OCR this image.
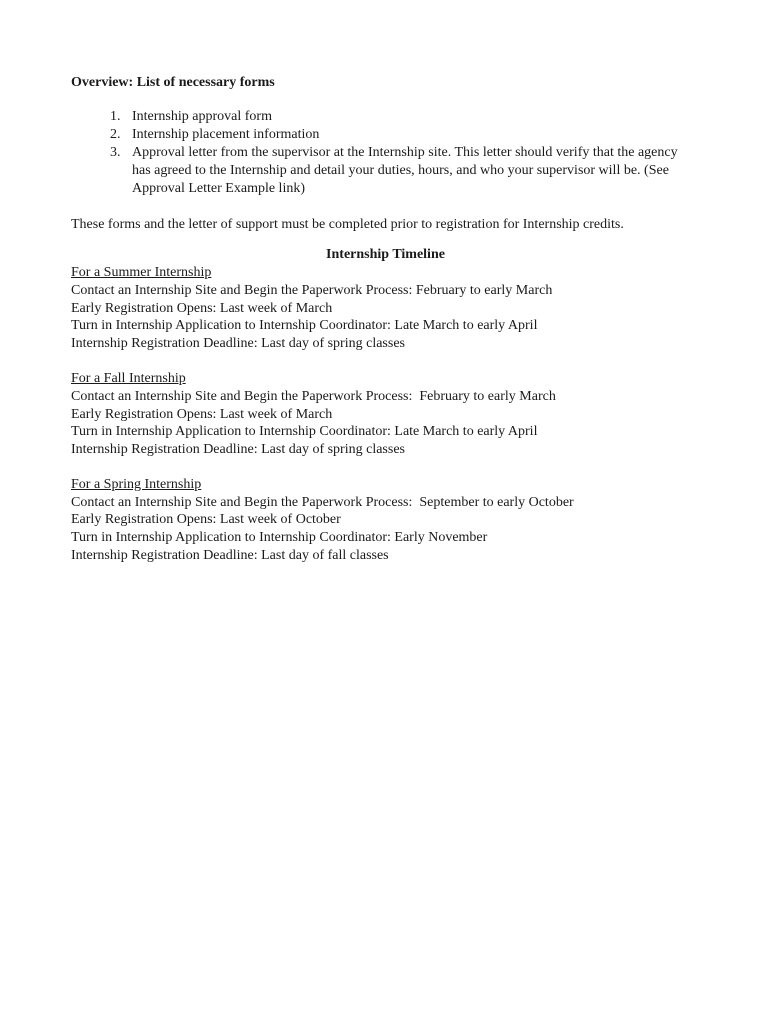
Overview: List of necessary forms

1. Internship approval form
2. Internship placement information
3. Approval letter from the supervisor at the Internship site. This letter should verify that the agency has agreed to the Internship and detail your duties, hours, and who your supervisor will be. (See Approval Letter Example link)

These forms and the letter of support must be completed prior to registration for Internship credits.

Internship Timeline

For a Summer Internship

Contact an Internship Site and Begin the Paperwork Process: February to early March

Early Registration Opens: Last week of March

Turn in Internship Application to Internship Coordinator: Late March to early April

Internship Registration Deadline: Last day of spring classes

For a Fall Internship

Contact an Internship Site and Begin the Paperwork Process:  February to early March

Early Registration Opens: Last week of March

Turn in Internship Application to Internship Coordinator: Late March to early April

Internship Registration Deadline: Last day of spring classes

For a Spring Internship

Contact an Internship Site and Begin the Paperwork Process:  September to early October

Early Registration Opens: Last week of October

Turn in Internship Application to Internship Coordinator: Early November

Internship Registration Deadline: Last day of fall classes
